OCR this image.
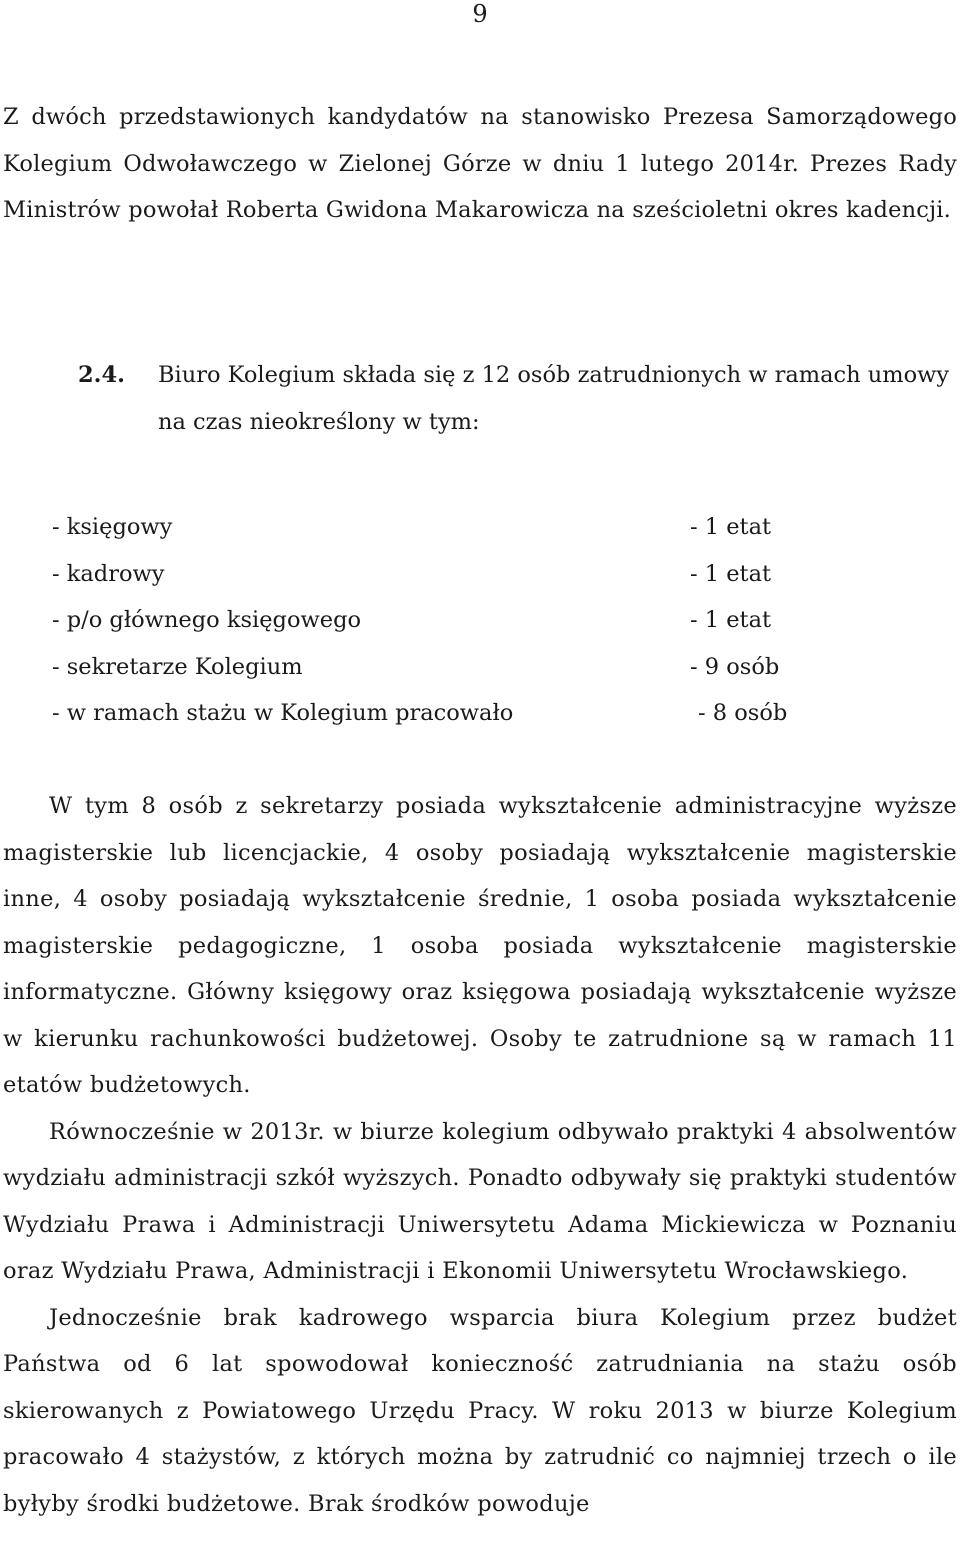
9
Z dwóch przedstawionych kandydatów na stanowisko Prezesa Samorządowego Kolegium Odwoławczego w Zielonej Górze w dniu 1 lutego 2014r. Prezes Rady Ministrów powołał Roberta Gwidona Makarowicza na sześcioletni okres kadencji.
2.4. Biuro Kolegium składa się z 12 osób zatrudnionych w ramach umowy na czas nieokreślony w tym:
- księgowy	- 1 etat
- kadrowy	- 1 etat
- p/o głównego księgowego	- 1 etat
- sekretarze Kolegium	- 9 osób
- w ramach stażu w Kolegium pracowało	- 8 osób

W tym 8 osób z sekretarzy posiada wykształcenie administracyjne wyższe magisterskie lub licencjackie, 4 osoby posiadają wykształcenie magisterskie inne, 4 osoby posiadają wykształcenie średnie, 1 osoba posiada wykształcenie magisterskie pedagogiczne, 1 osoba posiada wykształcenie magisterskie informatyczne. Główny księgowy oraz księgowa posiadają wykształcenie wyższe w kierunku rachunkowości budżetowej. Osoby te zatrudnione są w ramach 11 etatów budżetowych.

Równocześnie w 2013r. w biurze kolegium odbywało praktyki 4 absolwentów wydziału administracji szkół wyższych. Ponadto odbywały się praktyki studentów Wydziału Prawa i Administracji Uniwersytetu Adama Mickiewicza w Poznaniu oraz Wydziału Prawa, Administracji i Ekonomii Uniwersytetu Wrocławskiego.

Jednocześnie brak kadrowego wsparcia biura Kolegium przez budżet Państwa od 6 lat spowodował konieczność zatrudniania na stażu osób skierowanych z Powiatowego Urzędu Pracy. W roku 2013 w biurze Kolegium pracowało 4 stażystów, z których można by zatrudnić co najmniej trzech o ile byłyby środki budżetowe. Brak środków powoduje
